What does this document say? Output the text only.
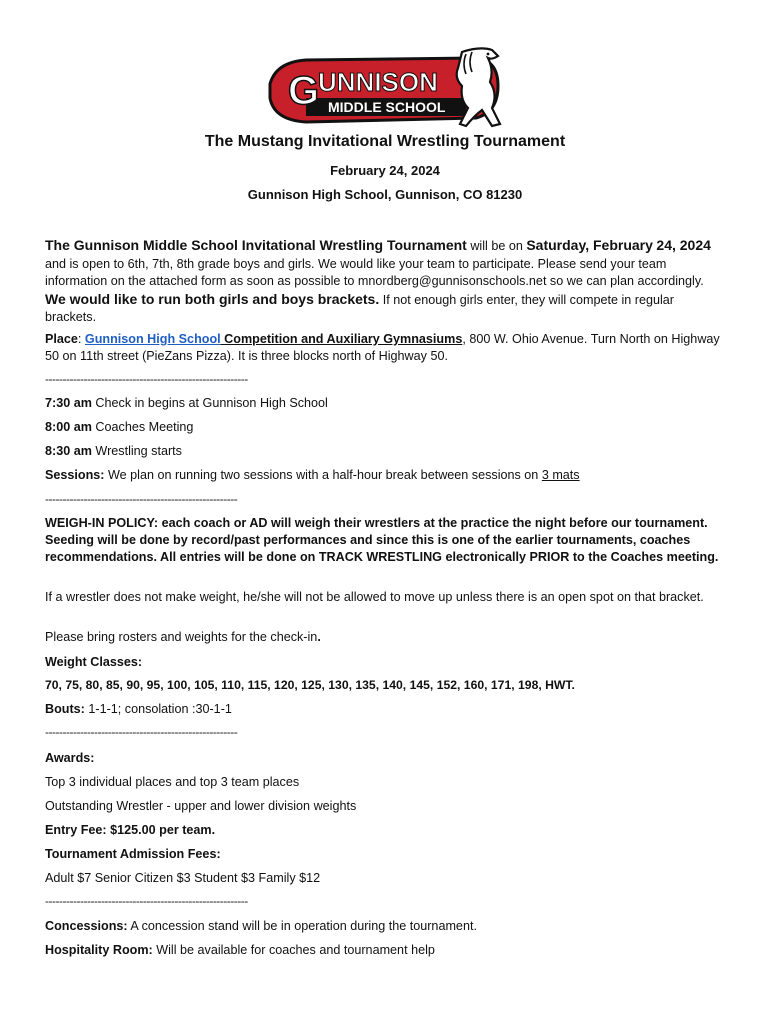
G
UNNISON
MIDDLE SCHOOL
The Mustang Invitational Wrestling Tournament
February 24, 2024
Gunnison High School, Gunnison, CO 81230
The Gunnison Middle School Invitational Wrestling Tournament will be on Saturday, February 24, 2024 and is open to 6th, 7th, 8th grade boys and girls. We would like your team to participate. Please send your team information on the attached form as soon as possible to mnordberg@gunnisonschools.net so we can plan accordingly. We would like to run both girls and boys brackets. If not enough girls enter, they will compete in regular brackets.
Place: Gunnison High School Competition and Auxiliary Gymnasiums, 800 W. Ohio Avenue. Turn North on Highway 50 on 11th street (PieZans Pizza). It is three blocks north of Highway 50.
----------------------------------------------------------
7:30 am Check in begins at Gunnison High School
8:00 am Coaches Meeting
8:30 am Wrestling starts
Sessions: We plan on running two sessions with a half-hour break between sessions on 3 mats
-------------------------------------------------------
WEIGH-IN POLICY: each coach or AD will weigh their wrestlers at the practice the night before our tournament. Seeding will be done by record/past performances and since this is one of the earlier tournaments, coaches recommendations. All entries will be done on TRACK WRESTLING electronically PRIOR to the Coaches meeting.
If a wrestler does not make weight, he/she will not be allowed to move up unless there is an open spot on that bracket.
Please bring rosters and weights for the check-in.
Weight Classes:
70, 75, 80, 85, 90, 95, 100, 105, 110, 115, 120, 125, 130, 135, 140, 145, 152, 160, 171, 198, HWT.
Bouts: 1-1-1; consolation :30-1-1
-------------------------------------------------------
Awards:
Top 3 individual places and top 3 team places
Outstanding Wrestler - upper and lower division weights
Entry Fee: $125.00 per team.
Tournament Admission Fees:
Adult $7 Senior Citizen $3 Student $3 Family $12
----------------------------------------------------------
Concessions: A concession stand will be in operation during the tournament.
Hospitality Room: Will be available for coaches and tournament help
